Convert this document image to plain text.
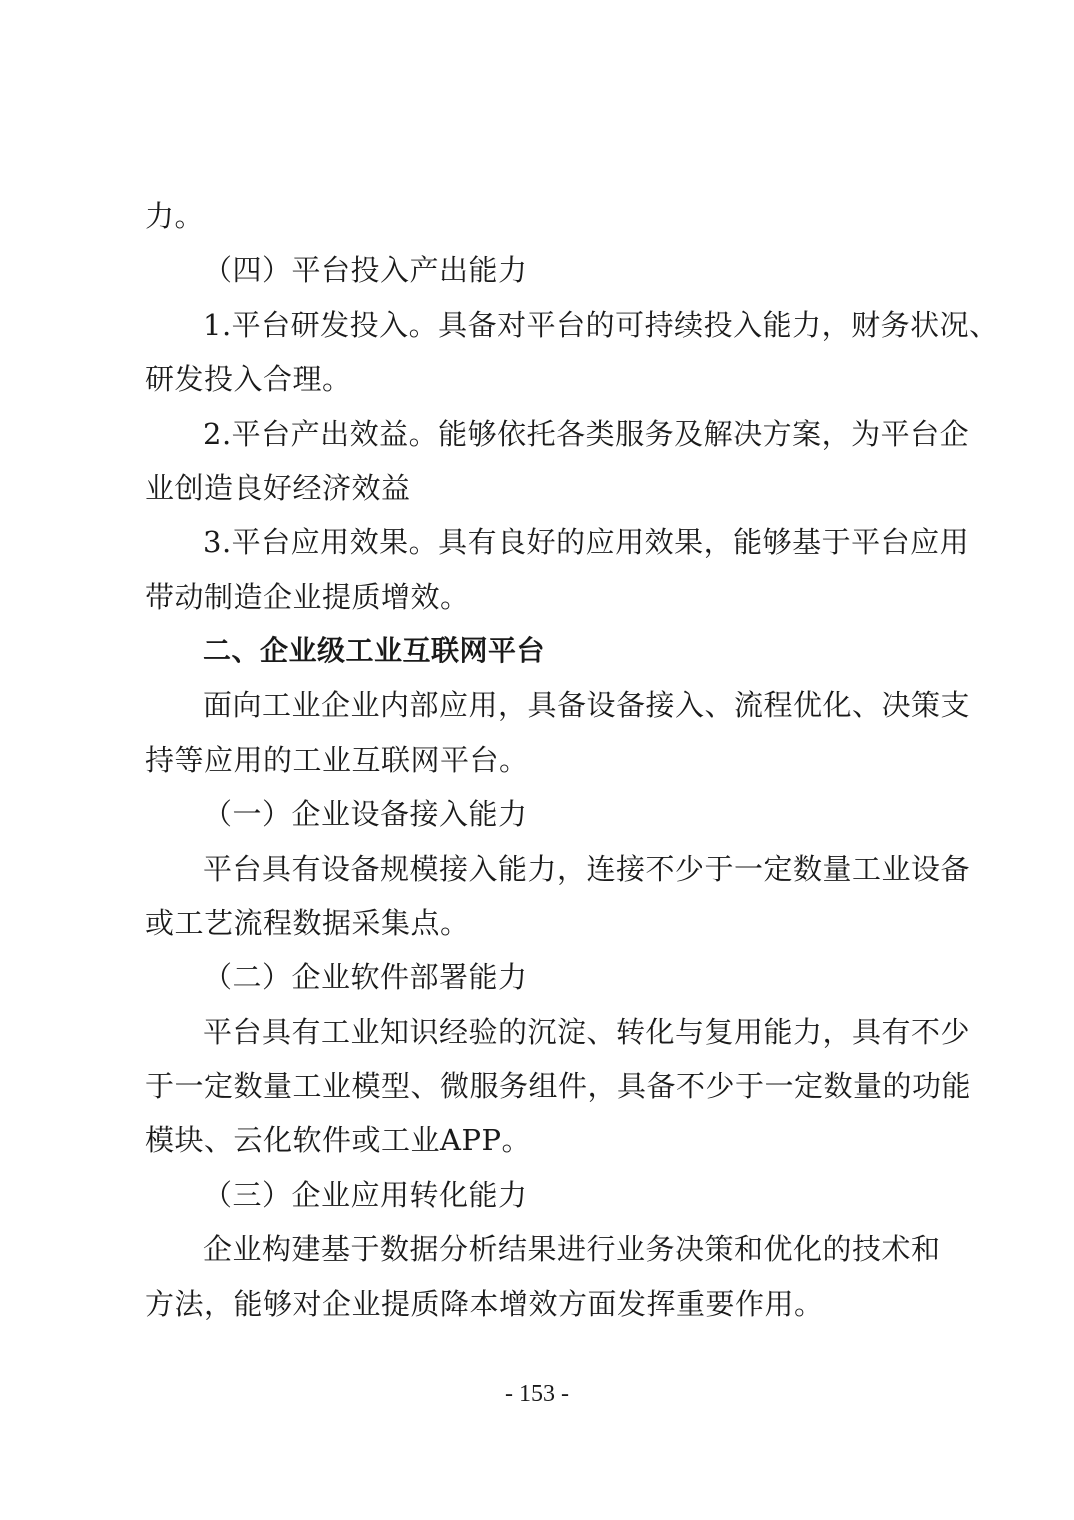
力。
（四）平台投入产出能力
1.平台研发投入。具备对平台的可持续投入能力，财务状况、
研发投入合理。
2.平台产出效益。能够依托各类服务及解决方案，为平台企
业创造良好经济效益
3.平台应用效果。具有良好的应用效果，能够基于平台应用
带动制造企业提质增效。
二、企业级工业互联网平台
面向工业企业内部应用，具备设备接入、流程优化、决策支
持等应用的工业互联网平台。
（一）企业设备接入能力
平台具有设备规模接入能力，连接不少于一定数量工业设备
或工艺流程数据采集点。
（二）企业软件部署能力
平台具有工业知识经验的沉淀、转化与复用能力，具有不少
于一定数量工业模型、微服务组件，具备不少于一定数量的功能
模块、云化软件或工业APP。
（三）企业应用转化能力
企业构建基于数据分析结果进行业务决策和优化的技术和
方法，能够对企业提质降本增效方面发挥重要作用。
- 153 -
